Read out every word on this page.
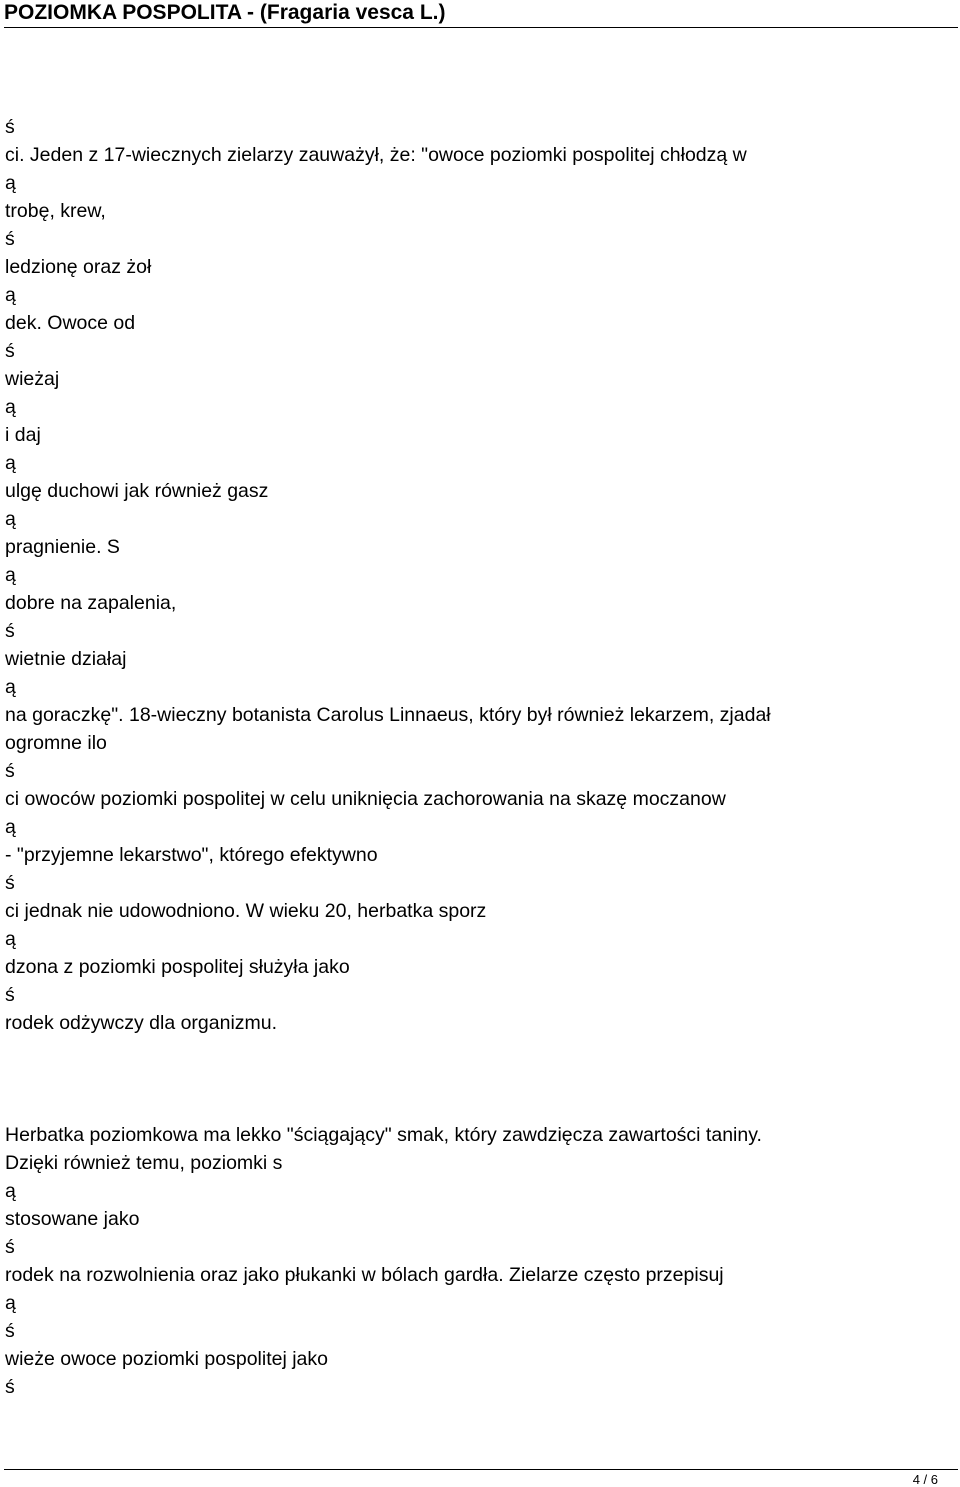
POZIOMKA POSPOLITA - (Fragaria vesca L.)

ś

ci. Jeden z 17-wiecznych zielarzy zauważył, że: "owoce poziomki pospolitej chłodzą w

ą

trobę, krew,

ś

ledzionę oraz żoł

ą

dek. Owoce od

ś

wieżaj

ą

i daj

ą

ulgę duchowi jak również gasz

ą

pragnienie. S

ą

dobre na zapalenia,

ś

wietnie działaj

ą

na goraczkę". 18-wieczny botanista Carolus Linnaeus, który był również lekarzem, zjadał

ogromne ilo

ś

ci owoców poziomki pospolitej w celu uniknięcia zachorowania na skazę moczanow

ą

- "przyjemne lekarstwo", którego efektywno

ś

ci jednak nie udowodniono. W wieku 20, herbatka sporz

ą

dzona z poziomki pospolitej służyła jako

ś

rodek odżywczy dla organizmu.

Herbatka poziomkowa ma lekko "ściągający" smak, który zawdzięcza zawartości taniny.

Dzięki również temu, poziomki s

ą

stosowane jako

ś

rodek na rozwolnienia oraz jako płukanki w bólach gardła. Zielarze często przepisuj

ą

ś

wieże owoce poziomki pospolitej jako

ś

4 / 6
